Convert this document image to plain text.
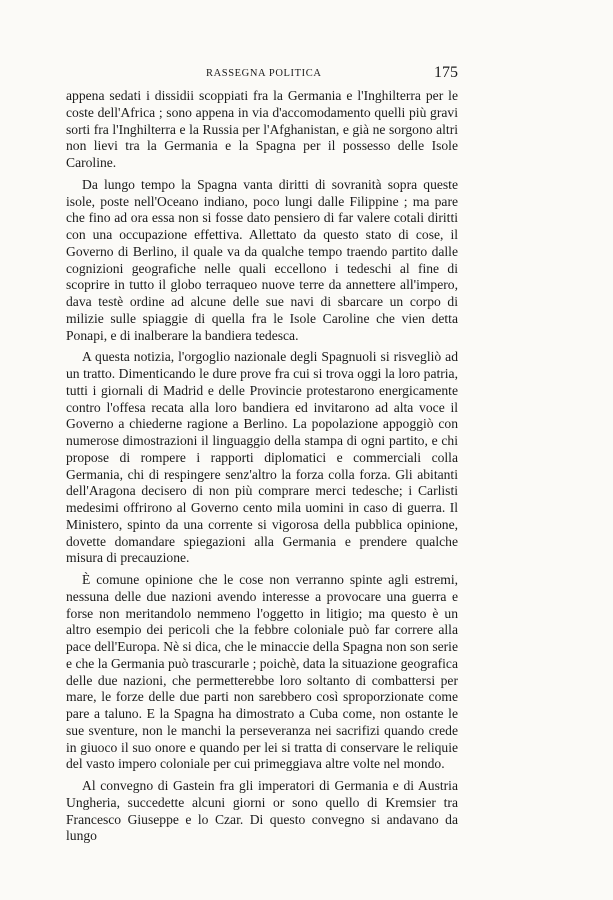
RASSEGNA POLITICA	175

appena sedati i dissidii scoppiati fra la Germania e l'Inghilterra per le coste dell'Africa ; sono appena in via d'accomodamento quelli più gravi sorti fra l'Inghilterra e la Russia per l'Afghanistan, e già ne sorgono altri non lievi tra la Germania e la Spagna per il possesso delle Isole Caroline.

Da lungo tempo la Spagna vanta diritti di sovranità sopra queste isole, poste nell'Oceano indiano, poco lungi dalle Filippine ; ma pare che fino ad ora essa non si fosse dato pensiero di far valere cotali diritti con una occupazione effettiva. Allettato da questo stato di cose, il Governo di Berlino, il quale va da qualche tempo traendo partito dalle cognizioni geografiche nelle quali eccellono i tedeschi al fine di scoprire in tutto il globo terraqueo nuove terre da annettere all'impero, dava testè ordine ad alcune delle sue navi di sbarcare un corpo di milizie sulle spiaggie di quella fra le Isole Caroline che vien detta Ponapi, e di inalberare la bandiera tedesca.

A questa notizia, l'orgoglio nazionale degli Spagnuoli si risvegliò ad un tratto. Dimenticando le dure prove fra cui si trova oggi la loro patria, tutti i giornali di Madrid e delle Provincie protestarono energicamente contro l'offesa recata alla loro bandiera ed invitarono ad alta voce il Governo a chiederne ragione a Berlino. La popolazione appoggiò con numerose dimostrazioni il linguaggio della stampa di ogni partito, e chi propose di rompere i rapporti diplomatici e commerciali colla Germania, chi di respingere senz'altro la forza colla forza. Gli abitanti dell'Aragona decisero di non più comprare merci tedesche; i Carlisti medesimi offrirono al Governo cento mila uomini in caso di guerra. Il Ministero, spinto da una corrente si vigorosa della pubblica opinione, dovette domandare spiegazioni alla Germania e prendere qualche misura di precauzione.

È comune opinione che le cose non verranno spinte agli estremi, nessuna delle due nazioni avendo interesse a provocare una guerra e forse non meritandolo nemmeno l'oggetto in litigio; ma questo è un altro esempio dei pericoli che la febbre coloniale può far correre alla pace dell'Europa. Nè si dica, che le minaccie della Spagna non son serie e che la Germania può trascurarle ; poichè, data la situazione geografica delle due nazioni, che permetterebbe loro soltanto di combattersi per mare, le forze delle due parti non sarebbero così sproporzionate come pare a taluno. E la Spagna ha dimostrato a Cuba come, non ostante le sue sventure, non le manchi la perseveranza nei sacrifizi quando crede in giuoco il suo onore e quando per lei si tratta di conservare le reliquie del vasto impero coloniale per cui primeggiava altre volte nel mondo.

Al convegno di Gastein fra gli imperatori di Germania e di Austria Ungheria, succedette alcuni giorni or sono quello di Kremsier tra Francesco Giuseppe e lo Czar. Di questo convegno si andavano da lungo
